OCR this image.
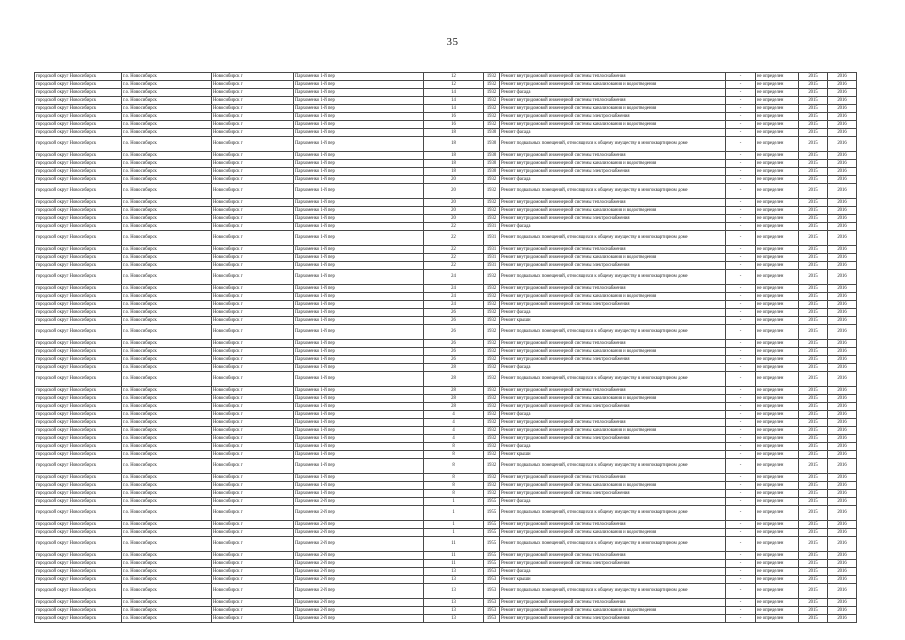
35
городской округ Новосибирск	г.о. Новосибирск	Новосибирск г	Пархоменко 1-й пер	12	1932	Ремонт внутридомовой инженерной системы теплоснабжения	-	не определен	2015	2016
городской округ Новосибирск	г.о. Новосибирск	Новосибирск г	Пархоменко 1-й пер	12	1932	Ремонт внутридомовой инженерной системы канализования и водоотведения	-	не определен	2015	2016
городской округ Новосибирск	г.о. Новосибирск	Новосибирск г	Пархоменко 1-й пер	14	1932	Ремонт фасада	-	не определен	2015	2016
городской округ Новосибирск	г.о. Новосибирск	Новосибирск г	Пархоменко 1-й пер	14	1932	Ремонт внутридомовой инженерной системы теплоснабжения	-	не определен	2015	2016
городской округ Новосибирск	г.о. Новосибирск	Новосибирск г	Пархоменко 1-й пер	14	1932	Ремонт внутридомовой инженерной системы канализования и водоотведения	-	не определен	2015	2016
городской округ Новосибирск	г.о. Новосибирск	Новосибирск г	Пархоменко 1-й пер	16	1932	Ремонт внутридомовой инженерной системы электроснабжения	-	не определен	2015	2016
городской округ Новосибирск	г.о. Новосибирск	Новосибирск г	Пархоменко 1-й пер	16	1932	Ремонт внутридомовой инженерной системы канализования и водоотведения	-	не определен	2015	2016
городской округ Новосибирск	г.о. Новосибирск	Новосибирск г	Пархоменко 1-й пер	18	1930	Ремонт фасада	-	не определен	2015	2016
городской округ Новосибирск	г.о. Новосибирск	Новосибирск г	Пархоменко 1-й пер	18	1930	Ремонт подвальных помещений, относящихся к общему имуществу в многоквартирном доме	-	не определен	2015	2016
городской округ Новосибирск	г.о. Новосибирск	Новосибирск г	Пархоменко 1-й пер	18	1930	Ремонт внутридомовой инженерной системы теплоснабжения	-	не определен	2015	2016
городской округ Новосибирск	г.о. Новосибирск	Новосибирск г	Пархоменко 1-й пер	18	1930	Ремонт внутридомовой инженерной системы канализования и водоотведения	-	не определен	2015	2016
городской округ Новосибирск	г.о. Новосибирск	Новосибирск г	Пархоменко 1-й пер	18	1930	Ремонт внутридомовой инженерной системы электроснабжения	-	не определен	2015	2016
городской округ Новосибирск	г.о. Новосибирск	Новосибирск г	Пархоменко 1-й пер	20	1932	Ремонт фасада	-	не определен	2015	2016
городской округ Новосибирск	г.о. Новосибирск	Новосибирск г	Пархоменко 1-й пер	20	1932	Ремонт подвальных помещений, относящихся к общему имуществу в многоквартирном доме	-	не определен	2015	2016
городской округ Новосибирск	г.о. Новосибирск	Новосибирск г	Пархоменко 1-й пер	20	1932	Ремонт внутридомовой инженерной системы теплоснабжения	-	не определен	2015	2016
городской округ Новосибирск	г.о. Новосибирск	Новосибирск г	Пархоменко 1-й пер	20	1932	Ремонт внутридомовой инженерной системы канализования и водоотведения	-	не определен	2015	2016
городской округ Новосибирск	г.о. Новосибирск	Новосибирск г	Пархоменко 1-й пер	20	1932	Ремонт внутридомовой инженерной системы электроснабжения	-	не определен	2015	2016
городской округ Новосибирск	г.о. Новосибирск	Новосибирск г	Пархоменко 1-й пер	22	1931	Ремонт фасада	-	не определен	2015	2016
городской округ Новосибирск	г.о. Новосибирск	Новосибирск г	Пархоменко 1-й пер	22	1931	Ремонт подвальных помещений, относящихся к общему имуществу в многоквартирном доме	-	не определен	2015	2016
городской округ Новосибирск	г.о. Новосибирск	Новосибирск г	Пархоменко 1-й пер	22	1931	Ремонт внутридомовой инженерной системы теплоснабжения	-	не определен	2015	2016
городской округ Новосибирск	г.о. Новосибирск	Новосибирск г	Пархоменко 1-й пер	22	1931	Ремонт внутридомовой инженерной системы канализования и водоотведения	-	не определен	2015	2016
городской округ Новосибирск	г.о. Новосибирск	Новосибирск г	Пархоменко 1-й пер	22	1931	Ремонт внутридомовой инженерной системы электроснабжения	-	не определен	2015	2016
городской округ Новосибирск	г.о. Новосибирск	Новосибирск г	Пархоменко 1-й пер	24	1932	Ремонт подвальных помещений, относящихся к общему имуществу в многоквартирном доме	-	не определен	2015	2016
городской округ Новосибирск	г.о. Новосибирск	Новосибирск г	Пархоменко 1-й пер	24	1932	Ремонт внутридомовой инженерной системы теплоснабжения	-	не определен	2015	2016
городской округ Новосибирск	г.о. Новосибирск	Новосибирск г	Пархоменко 1-й пер	24	1932	Ремонт внутридомовой инженерной системы канализования и водоотведения	-	не определен	2015	2016
городской округ Новосибирск	г.о. Новосибирск	Новосибирск г	Пархоменко 1-й пер	24	1932	Ремонт внутридомовой инженерной системы электроснабжения	-	не определен	2015	2016
городской округ Новосибирск	г.о. Новосибирск	Новосибирск г	Пархоменко 1-й пер	26	1932	Ремонт фасада	-	не определен	2015	2016
городской округ Новосибирск	г.о. Новосибирск	Новосибирск г	Пархоменко 1-й пер	26	1932	Ремонт крыши	-	не определен	2015	2016
городской округ Новосибирск	г.о. Новосибирск	Новосибирск г	Пархоменко 1-й пер	26	1932	Ремонт подвальных помещений, относящихся к общему имуществу в многоквартирном доме	-	не определен	2015	2016
городской округ Новосибирск	г.о. Новосибирск	Новосибирск г	Пархоменко 1-й пер	26	1932	Ремонт внутридомовой инженерной системы теплоснабжения	-	не определен	2015	2016
городской округ Новосибирск	г.о. Новосибирск	Новосибирск г	Пархоменко 1-й пер	26	1932	Ремонт внутридомовой инженерной системы канализования и водоотведения	-	не определен	2015	2016
городской округ Новосибирск	г.о. Новосибирск	Новосибирск г	Пархоменко 1-й пер	26	1932	Ремонт внутридомовой инженерной системы электроснабжения	-	не определен	2015	2016
городской округ Новосибирск	г.о. Новосибирск	Новосибирск г	Пархоменко 1-й пер	28	1932	Ремонт фасада	-	не определен	2015	2016
городской округ Новосибирск	г.о. Новосибирск	Новосибирск г	Пархоменко 1-й пер	28	1932	Ремонт подвальных помещений, относящихся к общему имуществу в многоквартирном доме	-	не определен	2015	2016
городской округ Новосибирск	г.о. Новосибирск	Новосибирск г	Пархоменко 1-й пер	28	1932	Ремонт внутридомовой инженерной системы теплоснабжения	-	не определен	2015	2016
городской округ Новосибирск	г.о. Новосибирск	Новосибирск г	Пархоменко 1-й пер	28	1932	Ремонт внутридомовой инженерной системы канализования и водоотведения	-	не определен	2015	2016
городской округ Новосибирск	г.о. Новосибирск	Новосибирск г	Пархоменко 1-й пер	28	1932	Ремонт внутридомовой инженерной системы электроснабжения	-	не определен	2015	2016
городской округ Новосибирск	г.о. Новосибирск	Новосибирск г	Пархоменко 1-й пер	4	1932	Ремонт фасада	-	не определен	2015	2016
городской округ Новосибирск	г.о. Новосибирск	Новосибирск г	Пархоменко 1-й пер	4	1932	Ремонт внутридомовой инженерной системы теплоснабжения	-	не определен	2015	2016
городской округ Новосибирск	г.о. Новосибирск	Новосибирск г	Пархоменко 1-й пер	4	1932	Ремонт внутридомовой инженерной системы канализования и водоотведения	-	не определен	2015	2016
городской округ Новосибирск	г.о. Новосибирск	Новосибирск г	Пархоменко 1-й пер	4	1932	Ремонт внутридомовой инженерной системы электроснабжения	-	не определен	2015	2016
городской округ Новосибирск	г.о. Новосибирск	Новосибирск г	Пархоменко 1-й пер	8	1932	Ремонт фасада	-	не определен	2015	2016
городской округ Новосибирск	г.о. Новосибирск	Новосибирск г	Пархоменко 1-й пер	8	1932	Ремонт крыши	-	не определен	2015	2016
городской округ Новосибирск	г.о. Новосибирск	Новосибирск г	Пархоменко 1-й пер	8	1932	Ремонт подвальных помещений, относящихся к общему имуществу в многоквартирном доме	-	не определен	2015	2016
городской округ Новосибирск	г.о. Новосибирск	Новосибирск г	Пархоменко 1-й пер	8	1932	Ремонт внутридомовой инженерной системы теплоснабжения	-	не определен	2015	2016
городской округ Новосибирск	г.о. Новосибирск	Новосибирск г	Пархоменко 1-й пер	8	1932	Ремонт внутридомовой инженерной системы канализования и водоотведения	-	не определен	2015	2016
городской округ Новосибирск	г.о. Новосибирск	Новосибирск г	Пархоменко 1-й пер	8	1932	Ремонт внутридомовой инженерной системы электроснабжения	-	не определен	2015	2016
городской округ Новосибирск	г.о. Новосибирск	Новосибирск г	Пархоменко 2-й пер	1	1955	Ремонт фасада	-	не определен	2015	2016
городской округ Новосибирск	г.о. Новосибирск	Новосибирск г	Пархоменко 2-й пер	1	1955	Ремонт подвальных помещений, относящихся к общему имуществу в многоквартирном доме	-	не определен	2015	2016
городской округ Новосибирск	г.о. Новосибирск	Новосибирск г	Пархоменко 2-й пер	1	1955	Ремонт внутридомовой инженерной системы теплоснабжения	-	не определен	2015	2016
городской округ Новосибирск	г.о. Новосибирск	Новосибирск г	Пархоменко 2-й пер	1	1955	Ремонт внутридомовой инженерной системы канализования и водоотведения	-	не определен	2015	2016
городской округ Новосибирск	г.о. Новосибирск	Новосибирск г	Пархоменко 2-й пер	11	1955	Ремонт подвальных помещений, относящихся к общему имуществу в многоквартирном доме	-	не определен	2015	2016
городской округ Новосибирск	г.о. Новосибирск	Новосибирск г	Пархоменко 2-й пер	11	1955	Ремонт внутридомовой инженерной системы теплоснабжения	-	не определен	2015	2016
городской округ Новосибирск	г.о. Новосибирск	Новосибирск г	Пархоменко 2-й пер	11	1955	Ремонт внутридомовой инженерной системы электроснабжения	-	не определен	2015	2016
городской округ Новосибирск	г.о. Новосибирск	Новосибирск г	Пархоменко 2-й пер	13	1953	Ремонт фасада	-	не определен	2015	2016
городской округ Новосибирск	г.о. Новосибирск	Новосибирск г	Пархоменко 2-й пер	13	1953	Ремонт крыши	-	не определен	2015	2016
городской округ Новосибирск	г.о. Новосибирск	Новосибирск г	Пархоменко 2-й пер	13	1953	Ремонт подвальных помещений, относящихся к общему имуществу в многоквартирном доме	-	не определен	2015	2016
городской округ Новосибирск	г.о. Новосибирск	Новосибирск г	Пархоменко 2-й пер	13	1953	Ремонт внутридомовой инженерной системы теплоснабжения	-	не определен	2015	2016
городской округ Новосибирск	г.о. Новосибирск	Новосибирск г	Пархоменко 2-й пер	13	1953	Ремонт внутридомовой инженерной системы канализования и водоотведения	-	не определен	2015	2016
городской округ Новосибирск	г.о. Новосибирск	Новосибирск г	Пархоменко 2-й пер	13	1953	Ремонт внутридомовой инженерной системы электроснабжения	-	не определен	2015	2016
